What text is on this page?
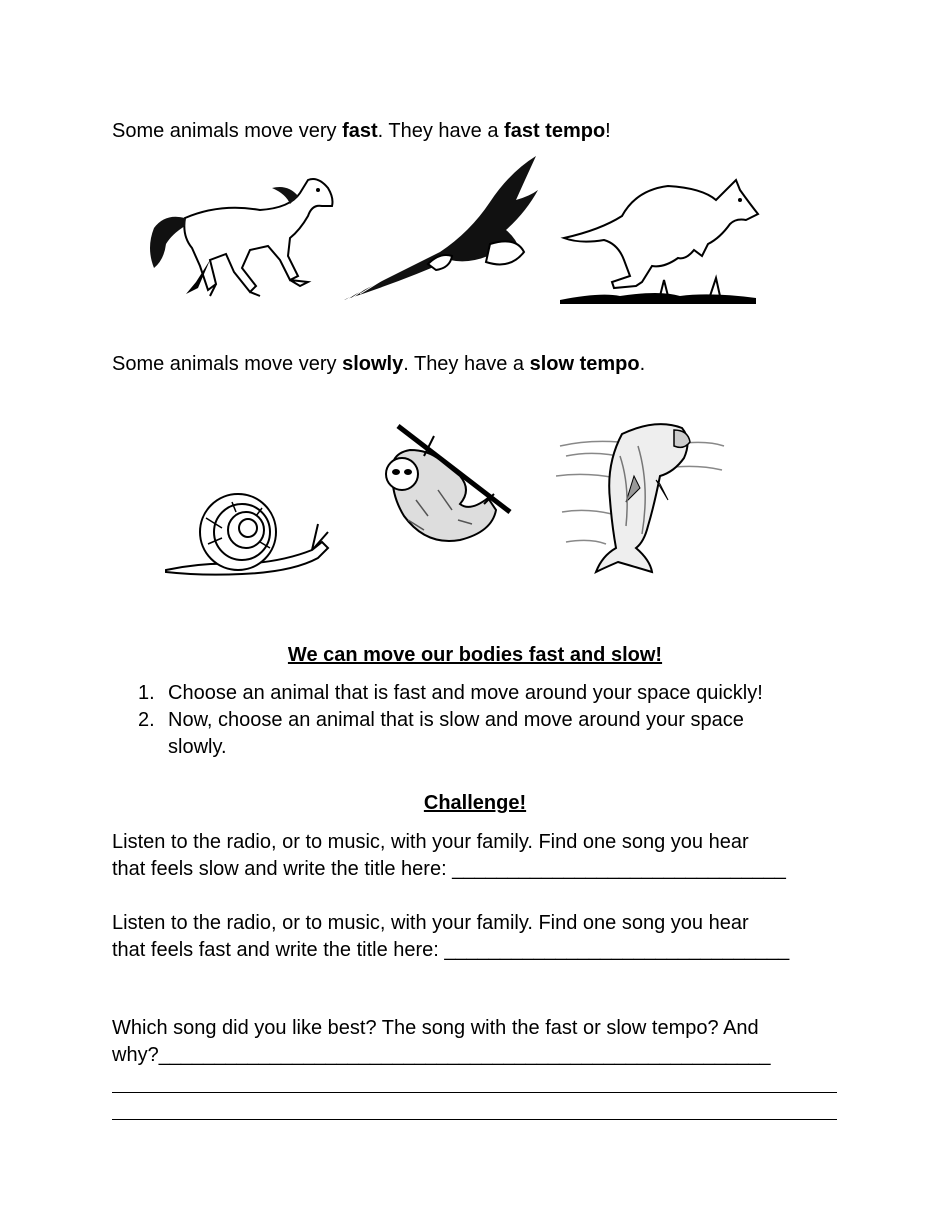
Some animals move very fast. They have a fast tempo!
Some animals move very slowly. They have a slow tempo.
We can move our bodies fast and slow!
1. Choose an animal that is fast and move around your space quickly!
2. Now, choose an animal that is slow and move around your space
slowly.
Challenge!
Listen to the radio, or to music, with your family. Find one song you hear
that feels slow and write the title here: ______________________________
Listen to the radio, or to music, with your family. Find one song you hear
that feels fast and write the title here: _______________________________
Which song did you like best? The song with the fast or slow tempo? And
why?_______________________________________________________
